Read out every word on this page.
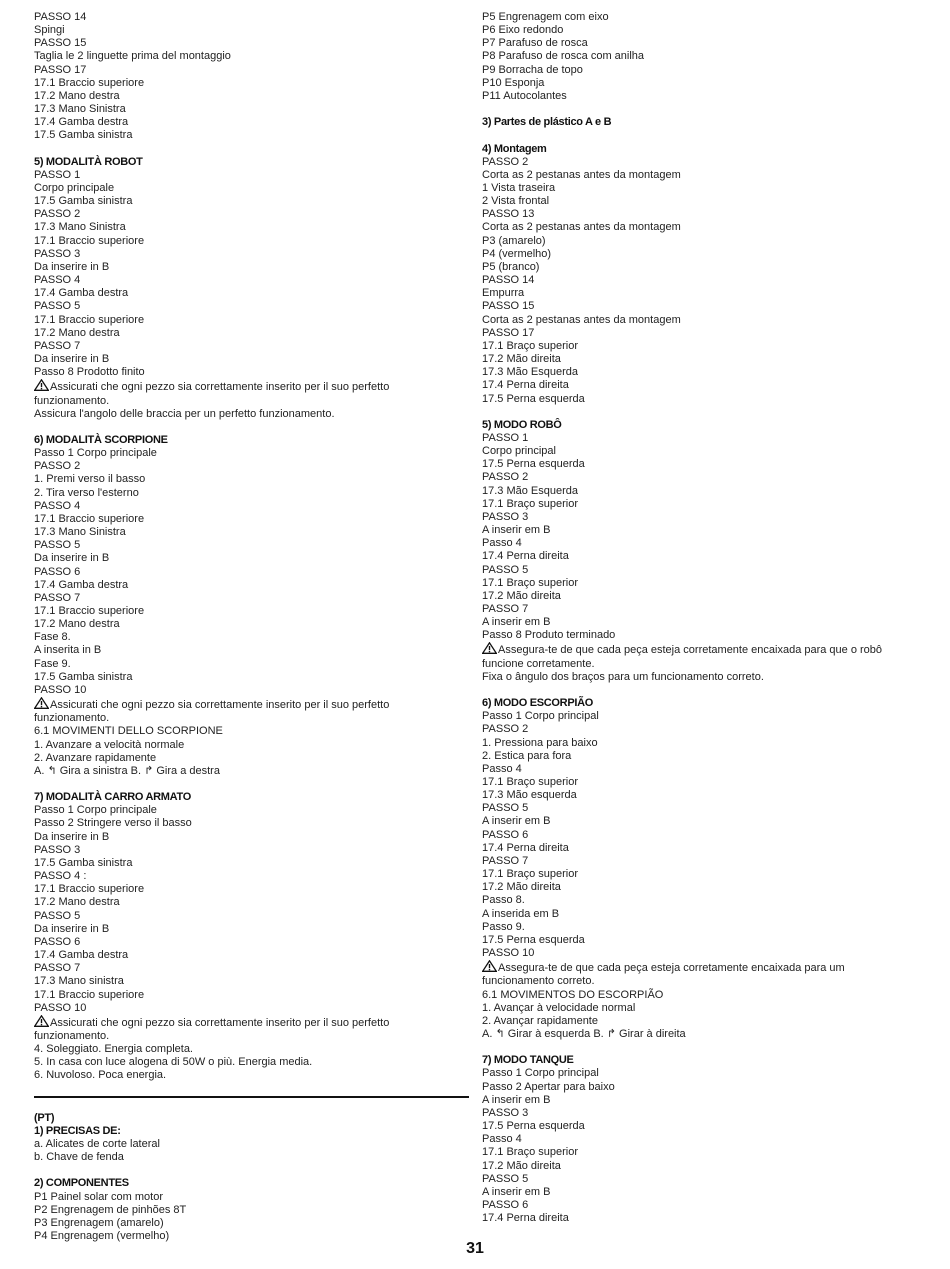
PASSO 14
Spingi
PASSO 15
Taglia le 2 linguette prima del montaggio
PASSO 17
17.1 Braccio superiore
17.2 Mano destra
17.3 Mano Sinistra
17.4 Gamba destra
17.5 Gamba sinistra
5) MODALITÀ ROBOT
PASSO 1
Corpo principale
17.5 Gamba sinistra
PASSO 2
17.3 Mano Sinistra
17.1 Braccio superiore
PASSO 3
Da inserire in B
PASSO 4
17.4 Gamba destra
PASSO 5
17.1 Braccio superiore
17.2 Mano destra
PASSO 7
Da inserire in B
Passo 8 Prodotto finito
Assicurati che ogni pezzo sia correttamente inserito per il suo perfetto
funzionamento.
Assicura l'angolo delle braccia per un perfetto funzionamento.
6) MODALITÀ SCORPIONE
Passo 1 Corpo principale
PASSO 2
1. Premi verso il basso
2. Tira verso l'esterno
PASSO 4
17.1 Braccio superiore
17.3 Mano Sinistra
PASSO 5
Da inserire in B
PASSO 6
17.4 Gamba destra
PASSO 7
17.1 Braccio superiore
17.2 Mano destra
Fase 8.
A inserita in B
Fase 9.
17.5 Gamba sinistra
PASSO 10
Assicurati che ogni pezzo sia correttamente inserito per il suo perfetto
funzionamento.
6.1 MOVIMENTI DELLO SCORPIONE
1. Avanzare a velocità normale
2. Avanzare rapidamente
A. ↰ Gira a sinistra B. ↱ Gira a destra
7) MODALITÀ CARRO ARMATO
Passo 1 Corpo principale
Passo 2 Stringere verso il basso
Da inserire in B
PASSO 3
17.5 Gamba sinistra
PASSO 4 :
17.1 Braccio superiore
17.2 Mano destra
PASSO 5
Da inserire in B
PASSO 6
17.4 Gamba destra
PASSO 7
17.3 Mano sinistra
17.1 Braccio superiore
PASSO 10
Assicurati che ogni pezzo sia correttamente inserito per il suo perfetto
funzionamento.
4. Soleggiato. Energia completa.
5. In casa con luce alogena di 50W o più. Energia media.
6. Nuvoloso. Poca energia.
(PT)
1) PRECISAS DE:
a. Alicates de corte lateral
b. Chave de fenda
2) COMPONENTES
P1 Painel solar com motor
P2 Engrenagem de pinhões 8T
P3 Engrenagem (amarelo)
P4 Engrenagem (vermelho)
P5 Engrenagem com eixo
P6 Eixo redondo
P7 Parafuso de rosca
P8 Parafuso de rosca com anilha
P9 Borracha de topo
P10 Esponja
P11 Autocolantes
3) Partes de plástico A e B
4) Montagem
PASSO 2
Corta as 2 pestanas antes da montagem
1 Vista traseira
2 Vista frontal
PASSO 13
Corta as 2 pestanas antes da montagem
P3 (amarelo)
P4 (vermelho)
P5 (branco)
PASSO 14
Empurra
PASSO 15
Corta as 2 pestanas antes da montagem
PASSO 17
17.1 Braço superior
17.2 Mão direita
17.3 Mão Esquerda
17.4 Perna direita
17.5 Perna esquerda
5) MODO ROBÔ
PASSO 1
Corpo principal
17.5 Perna esquerda
PASSO 2
17.3 Mão Esquerda
17.1 Braço superior
PASSO 3
A inserir em B
Passo 4
17.4 Perna direita
PASSO 5
17.1 Braço superior
17.2 Mão direita
PASSO 7
A inserir em B
Passo 8 Produto terminado
Assegura-te de que cada peça esteja corretamente encaixada para que o robô
funcione corretamente.
Fixa o ângulo dos braços para um funcionamento correto.
6) MODO ESCORPIÃO
Passo 1 Corpo principal
PASSO 2
1. Pressiona para baixo
2. Estica para fora
Passo 4
17.1 Braço superior
17.3 Mão esquerda
PASSO 5
A inserir em B
PASSO 6
17.4 Perna direita
PASSO 7
17.1 Braço superior
17.2 Mão direita
Passo 8.
A inserida em B
Passo 9.
17.5 Perna esquerda
PASSO 10
Assegura-te de que cada peça esteja corretamente encaixada para um
funcionamento correto.
6.1 MOVIMENTOS DO ESCORPIÃO
1. Avançar à velocidade normal
2. Avançar rapidamente
A. ↰ Girar à esquerda B. ↱ Girar à direita
7) MODO TANQUE
Passo 1 Corpo principal
Passo 2 Apertar para baixo
A inserir em B
PASSO 3
17.5 Perna esquerda
Passo 4
17.1 Braço superior
17.2 Mão direita
PASSO 5
A inserir em B
PASSO 6
17.4 Perna direita
31
